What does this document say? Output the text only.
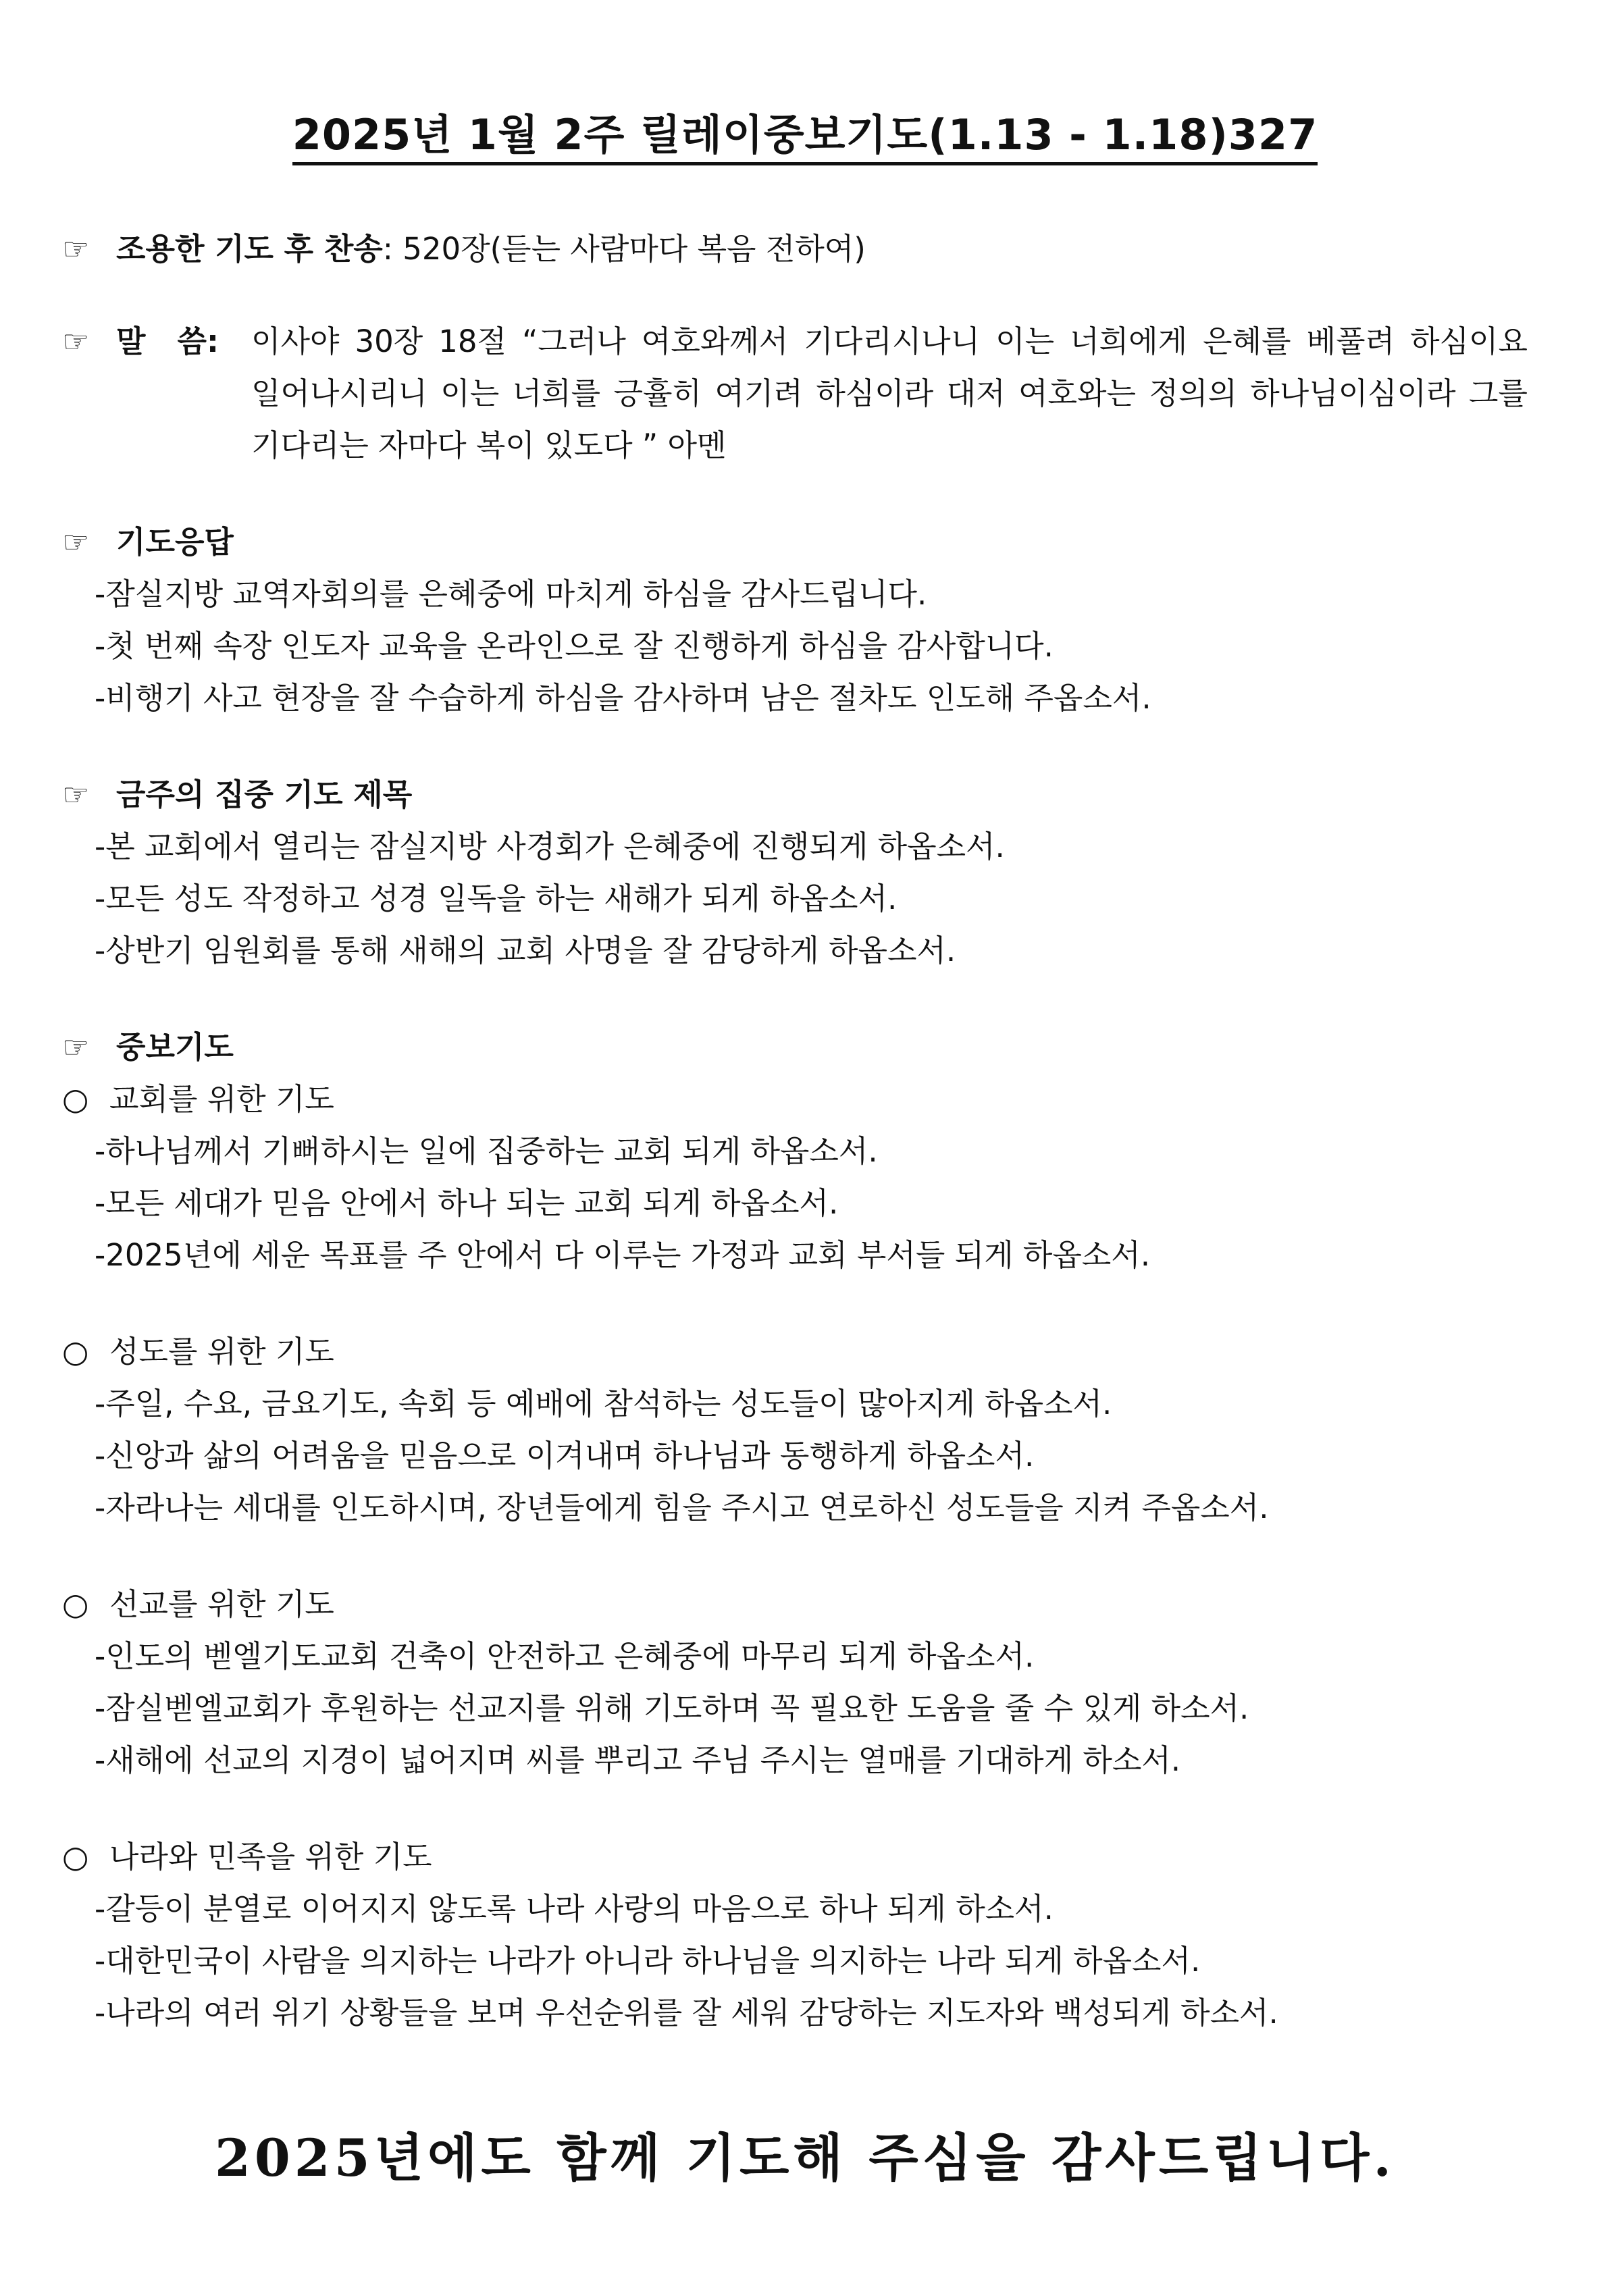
2025년 1월 2주 릴레이중보기도(1.13 - 1.18)327
☞ 조용한 기도 후 찬송: 520장(듣는 사람마다 복음 전하여)
☞ 말   씀:	이사야 30장 18절 “그러나 여호와께서 기다리시나니 이는 너희에게 은혜를 베풀려 하심이요 일어나시리니 이는 너희를 긍휼히 여기려 하심이라 대저 여호와는 정의의 하나님이심이라 그를 기다리는 자마다 복이 있도다 ” 아멘
☞ 기도응답
-잠실지방 교역자회의를 은혜중에 마치게 하심을 감사드립니다.
-첫 번째 속장 인도자 교육을 온라인으로 잘 진행하게 하심을 감사합니다.
-비행기 사고 현장을 잘 수습하게 하심을 감사하며 남은 절차도 인도해 주옵소서.
☞ 금주의 집중 기도 제목
-본 교회에서 열리는 잠실지방 사경회가 은혜중에 진행되게 하옵소서.
-모든 성도 작정하고 성경 일독을 하는 새해가 되게 하옵소서.
-상반기 임원회를 통해 새해의 교회 사명을 잘 감당하게 하옵소서.
☞ 중보기도
○ 교회를 위한 기도
-하나님께서 기뻐하시는 일에 집중하는 교회 되게 하옵소서.
-모든 세대가 믿음 안에서 하나 되는 교회 되게 하옵소서.
-2025년에 세운 목표를 주 안에서 다 이루는 가정과 교회 부서들 되게 하옵소서.
○ 성도를 위한 기도
-주일, 수요, 금요기도, 속회 등 예배에 참석하는 성도들이 많아지게 하옵소서.
-신앙과 삶의 어려움을 믿음으로 이겨내며 하나님과 동행하게 하옵소서.
-자라나는 세대를 인도하시며, 장년들에게 힘을 주시고 연로하신 성도들을 지켜 주옵소서.
○ 선교를 위한 기도
-인도의 벧엘기도교회 건축이 안전하고 은혜중에 마무리 되게 하옵소서.
-잠실벧엘교회가 후원하는 선교지를 위해 기도하며 꼭 필요한 도움을 줄 수 있게 하소서.
-새해에 선교의 지경이 넓어지며 씨를 뿌리고 주님 주시는 열매를 기대하게 하소서.
○ 나라와 민족을 위한 기도
-갈등이 분열로 이어지지 않도록 나라 사랑의 마음으로 하나 되게 하소서.
-대한민국이 사람을 의지하는 나라가 아니라 하나님을 의지하는 나라 되게 하옵소서.
-나라의 여러 위기 상황들을 보며 우선순위를 잘 세워 감당하는 지도자와 백성되게 하소서.
2025년에도 함께 기도해 주심을 감사드립니다.
